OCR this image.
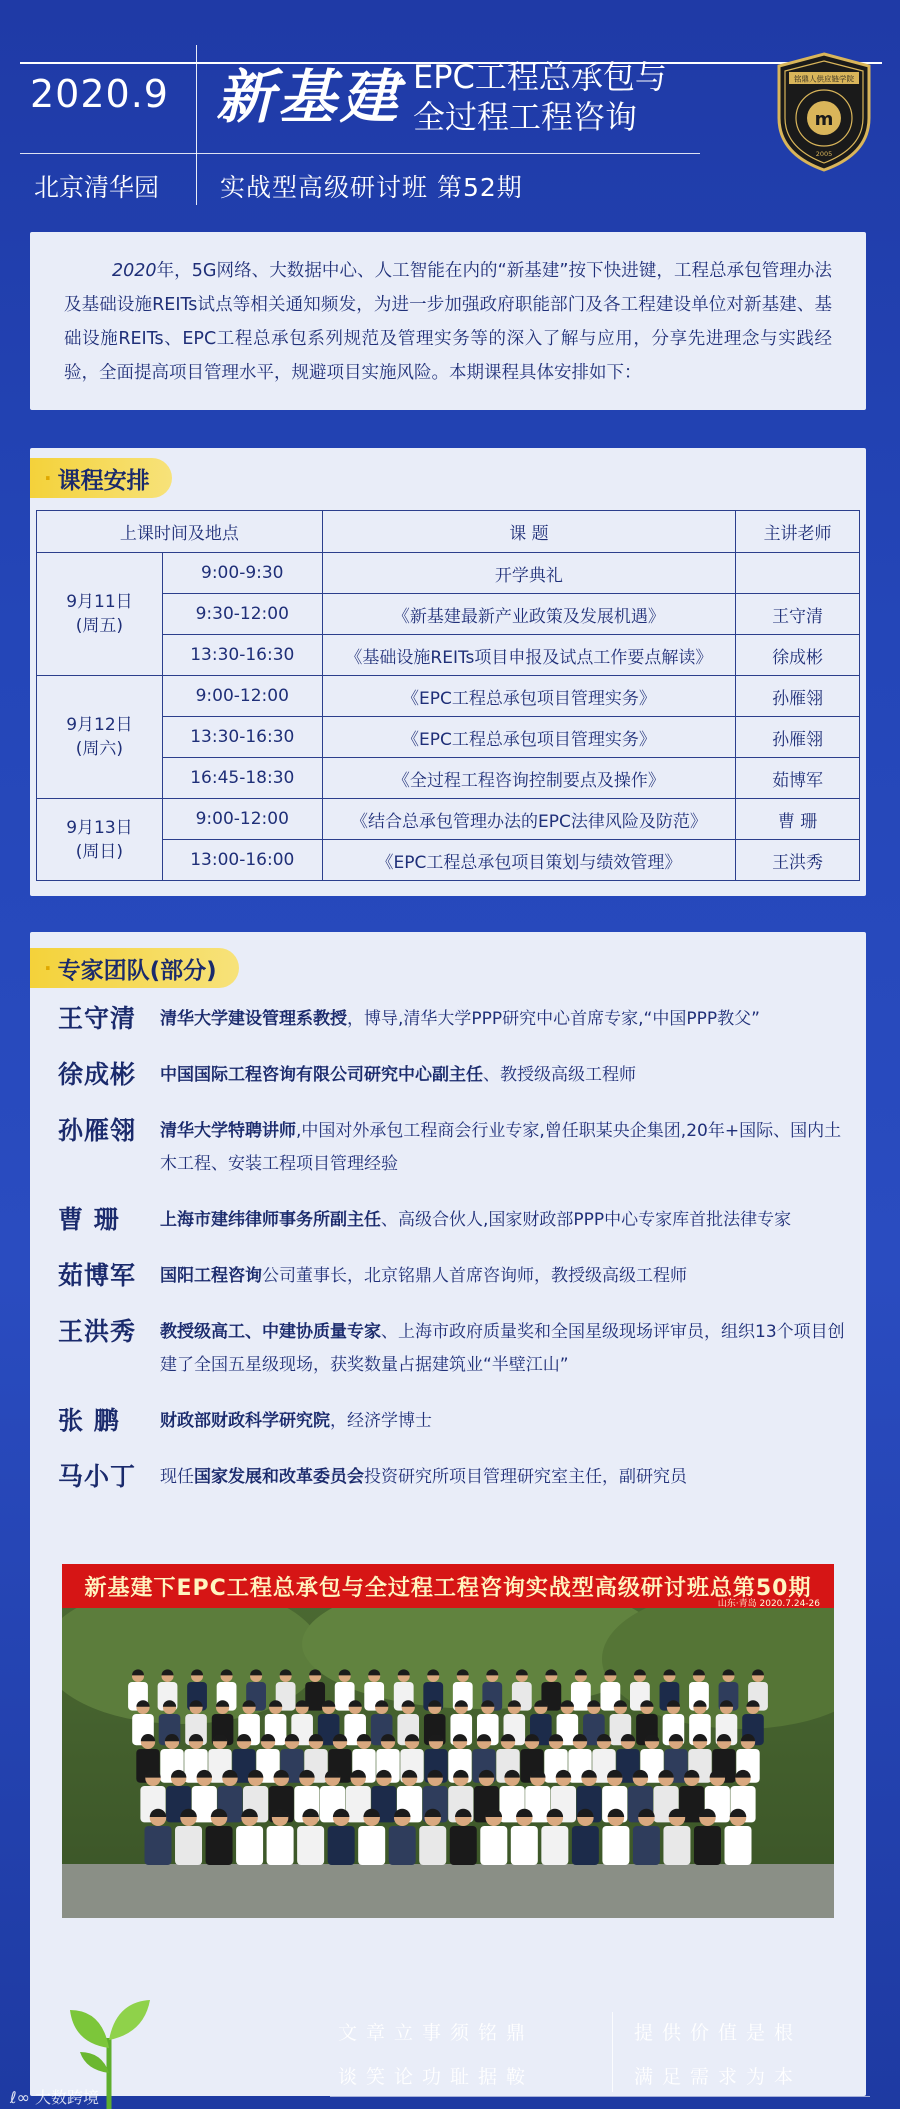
2020.9 新基建 EPC工程总承包与
全过程工程咨询
北京清华园 实战型高级研讨班 第52期
铭鼎人供应链学院
m
2005

2020年，5G网络、大数据中心、人工智能在内的“新基建”按下快进键，工程总承包管理办法及基础设施REITs试点等相关通知频发，为进一步加强政府职能部门及各工程建设单位对新基建、基础设施REITs、EPC工程总承包系列规范及管理实务等的深入了解与应用，分享先进理念与实践经验，全面提高项目管理水平，规避项目实施风险。本期课程具体安排如下：

· 课程安排
上课时间及地点		课 题	主讲老师

9月11日
(周五)	9:00-9:30	开学典礼	
	9:30-12:00	《新基建最新产业政策及发展机遇》	王守清
	13:30-16:30	《基础设施REITs项目申报及试点工作要点解读》	徐成彬

9月12日
(周六)	9:00-12:00	《EPC工程总承包项目管理实务》	孙雁翎
	13:30-16:30	《EPC工程总承包项目管理实务》	孙雁翎
	16:45-18:30	《全过程工程咨询控制要点及操作》	茹博军

9月13日
(周日)	9:00-12:00	《结合总承包管理办法的EPC法律风险及防范》	曹 珊
	13:00-16:00	《EPC工程总承包项目策划与绩效管理》	王洪秀
· 专家团队(部分)
王守清	清华大学建设管理系教授，博导,清华大学PPP研究中心首席专家,“中国PPP教父”
徐成彬	中国国际工程咨询有限公司研究中心副主任、教授级高级工程师
孙雁翎	清华大学特聘讲师,中国对外承包工程商会行业专家,曾任职某央企集团,20年+国际、国内土木工程、安装工程项目管理经验
曹 珊	上海市建纬律师事务所副主任、高级合伙人,国家财政部PPP中心专家库首批法律专家
茹博军	国阳工程咨询公司董事长，北京铭鼎人首席咨询师，教授级高级工程师
王洪秀	教授级高工、中建协质量专家、上海市政府质量奖和全国星级现场评审员，组织13个项目创建了全国五星级现场，获奖数量占据建筑业“半壁江山”
张 鹏	财政部财政科学研究院，经济学博士
马小丁	现任国家发展和改革委员会投资研究所项目管理研究室主任，副研究员
新基建下EPC工程总承包与全过程工程咨询实战型高级研讨班总第50期
山东·青岛 2020.7.24-26
文章立事须铭鼎	提供价值是根
谈笑论功耻据鞍	满足需求为本
ℓ∞ 大数跨境
